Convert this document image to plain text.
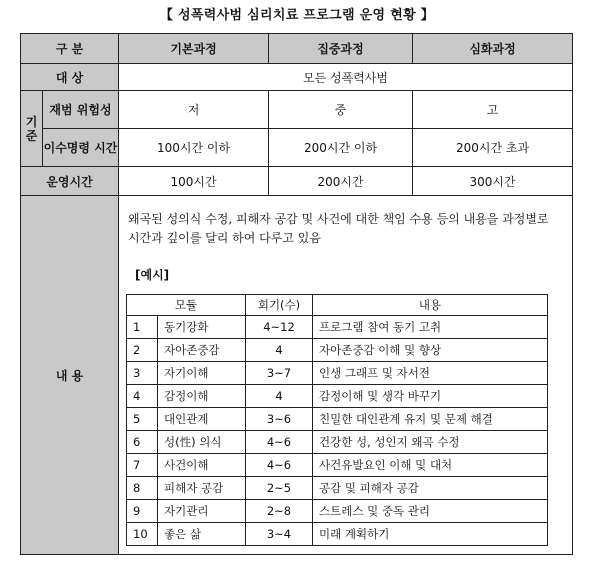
【 성폭력사범 심리치료 프로그램 운영 현황 】
구 분	기본과정	집중과정	심화과정
대 상	모든 성폭력사범
기준	재범 위험성	저	중	고
이수명령 시간	100시간 이하	200시간 이하	200시간 초과
운영시간	100시간	200시간	300시간
내 용	
왜곡된 성의식 수정, 피해자 공감 및 사건에 대한 책임 수용 등의 내용을 과정별로 시간과 깊이를 달리 하여 다루고 있음
[예시]
모듈	회기(수)	내용
1	동기강화	4~12	프로그램 참여 동기 고취
2	자아존중감	4	자아존중감 이해 및 향상
3	자기이해	3~7	인생 그래프 및 자서전
4	감정이해	4	감정이해 및 생각 바꾸기
5	대인관계	3~6	친밀한 대인관계 유지 및 문제 해결
6	성(性) 의식	4~6	건강한 성, 성인지 왜곡 수정
7	사건이해	4~6	사건유발요인 이해 및 대처
8	피해자 공감	2~5	공감 및 피해자 공감
9	자기관리	2~8	스트레스 및 중독 관리
10	좋은 삶	3~4	미래 계획하기
